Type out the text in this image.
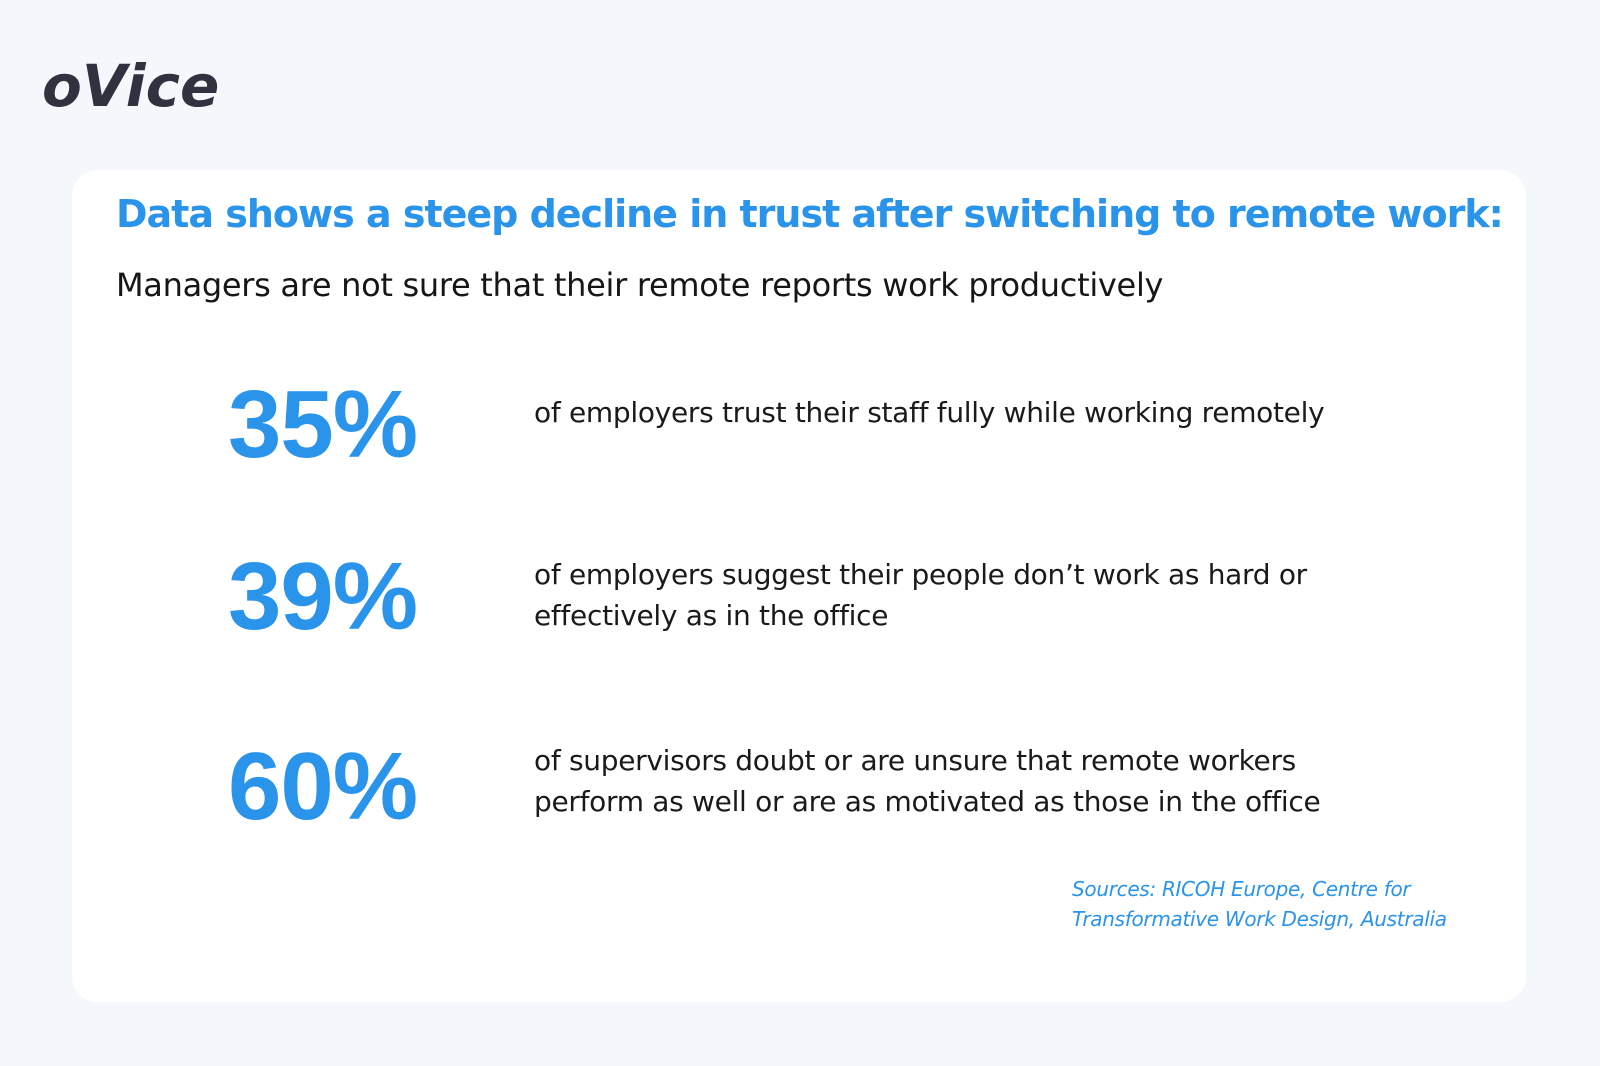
oVice
Data shows a steep decline in trust after switching to remote work:

Managers are not sure that their remote reports work productively

35%	of employers trust their staff fully while working remotely
39%	of employers suggest their people don’t work as hard or
effectively as in the office
60%	of supervisors doubt or are unsure that remote workers
perform as well or are as motivated as those in the office
Sources: RICOH Europe, Centre for
Transformative Work Design, Australia
